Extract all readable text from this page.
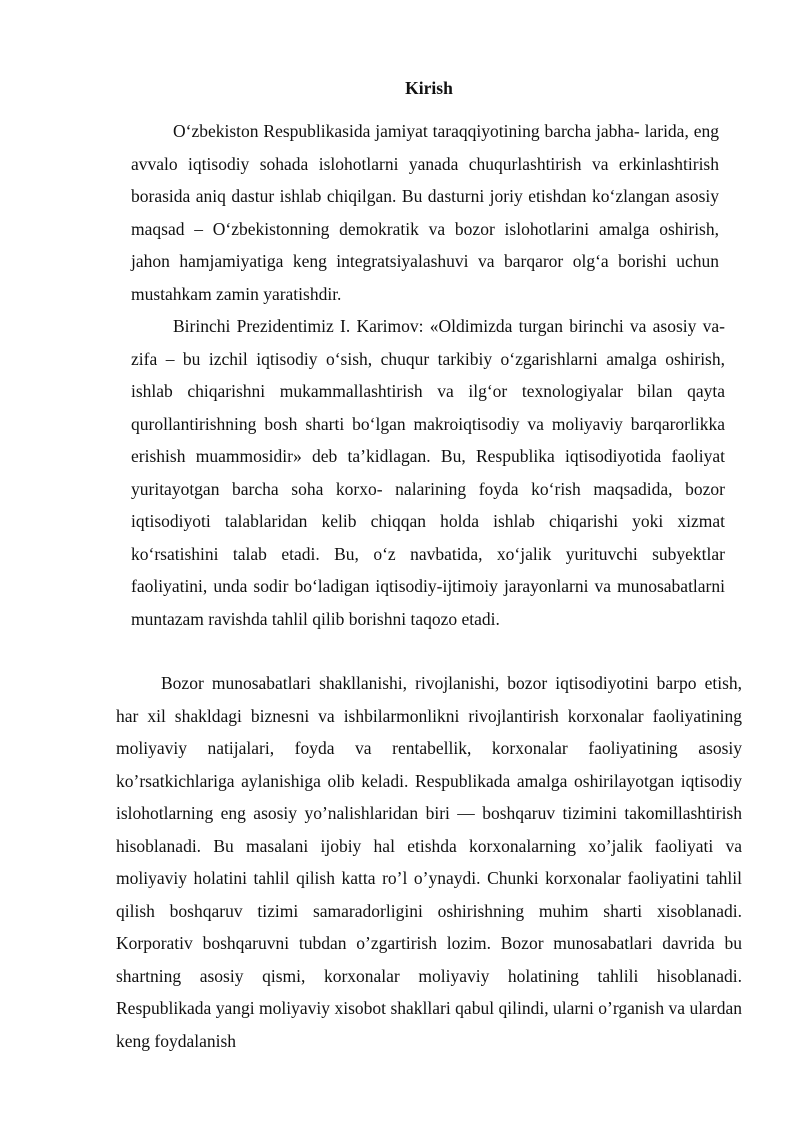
Kirish

O‘zbekiston Respublikasida jamiyat taraqqiyotining barcha jabha- larida, eng avvalo iqtisodiy sohada islohotlarni yanada chuqurlashtirish va erkinlashtirish borasida aniq dastur ishlab chiqilgan. Bu dasturni joriy etishdan ko‘zlangan asosiy maqsad – O‘zbekistonning demokratik va bozor islohotlarini amalga oshirish, jahon hamjamiyatiga keng integratsiyalashuvi va barqaror olg‘a borishi uchun mustahkam zamin yaratishdir.

Birinchi Prezidentimiz I. Karimov: «Oldimizda turgan birinchi va asosiy va- zifa – bu izchil iqtisodiy o‘sish, chuqur tarkibiy o‘zgarishlarni amalga oshirish, ishlab chiqarishni mukammallashtirish va ilg‘or texnologiyalar bilan qayta qurollantirishning bosh sharti bo‘lgan makroiqtisodiy va moliyaviy barqarorlikka erishish muammosidir» deb ta’kidlagan. Bu, Respublika iqtisodiyotida faoliyat yuritayotgan barcha soha korxo- nalarining foyda ko‘rish maqsadida, bozor iqtisodiyoti talablaridan kelib chiqqan holda ishlab chiqarishi yoki xizmat ko‘rsatishini talab etadi. Bu, o‘z navbatida, xo‘jalik yurituvchi subyektlar faoliyatini, unda sodir bo‘ladigan iqtisodiy-ijtimoiy jarayonlarni va munosabatlarni muntazam ravishda tahlil qilib borishni taqozo etadi.

Bozor munosabatlari shakllanishi, rivojlanishi, bozor iqtisodiyotini barpo etish, har xil shakldagi biznesni va ishbilarmonlikni rivojlantirish korxonalar faoliyatining moliyaviy natijalari, foyda va rentabellik, korxonalar faoliyatining asosiy ko’rsatkichlariga aylanishiga olib keladi. Respublikada amalga oshirilayotgan iqtisodiy islohotlarning eng asosiy yo’nalishlaridan biri — boshqaruv tizimini takomillashtirish hisoblanadi. Bu masalani ijobiy hal etishda korxonalarning xo’jalik faoliyati va moliyaviy holatini tahlil qilish katta ro’l o’ynaydi. Chunki korxonalar faoliyatini tahlil qilish boshqaruv tizimi samaradorligini oshirishning muhim sharti xisoblanadi. Korporativ boshqaruvni tubdan o’zgartirish lozim. Bozor munosabatlari davrida bu shartning asosiy qismi, korxonalar moliyaviy holatining tahlili hisoblanadi. Respublikada yangi moliyaviy xisobot shakllari qabul qilindi, ularni o’rganish va ulardan keng foydalanish
